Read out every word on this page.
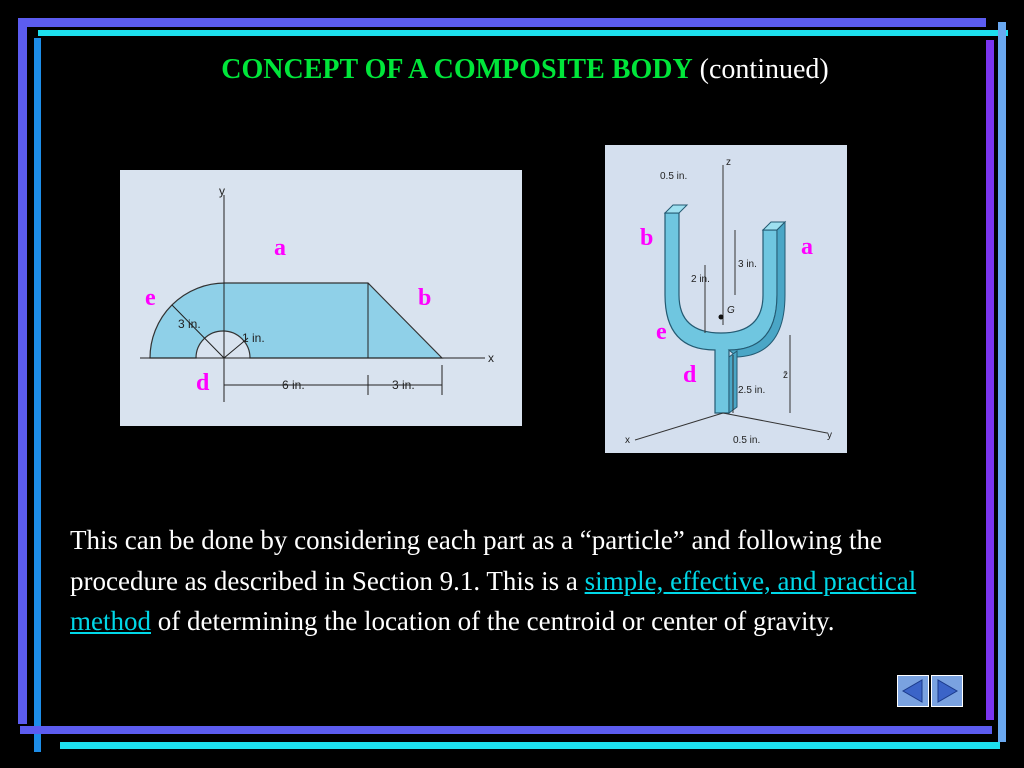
CONCEPT OF A COMPOSITE BODY (continued)
y
x
3 in.
1 in.
6 in.	3 in.
a
e	b
d
z
x	y
0.5 in.
3 in.
2 in.
G
z̄
2.5 in.
0.5 in.
b	a
e
d
This can be done by considering each part as a “particle” and following the procedure as described in Section 9.1. This is a simple, effective, and practical method of determining the location of the centroid or center of gravity.
